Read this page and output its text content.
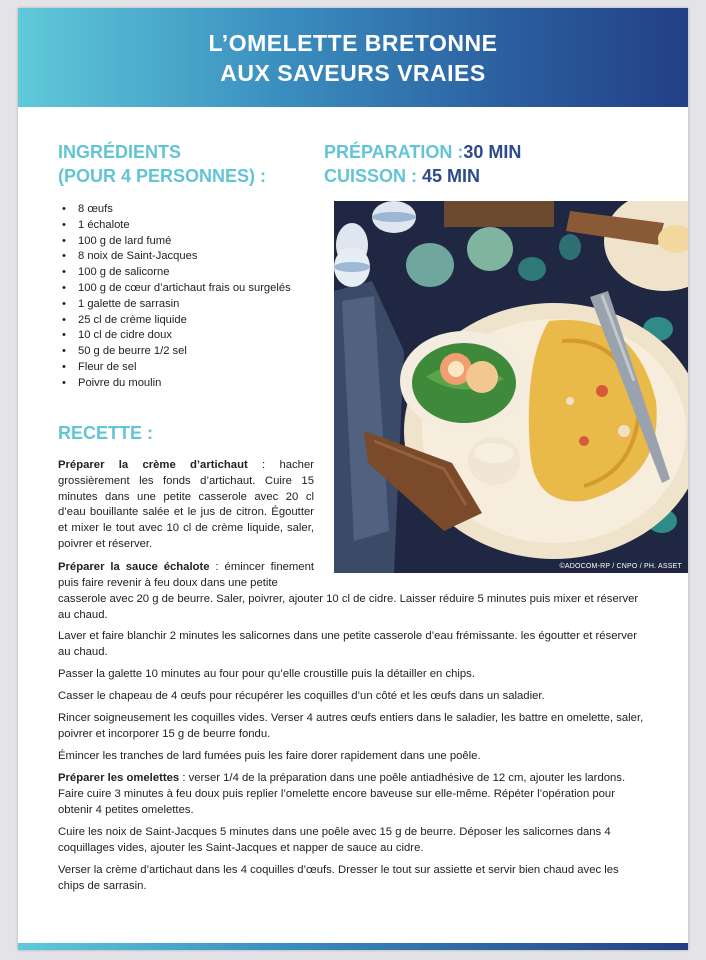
L’OMELETTE BRETONNE
AUX SAVEURS VRAIES
INGRÉDIENTS
(POUR 4 PERSONNES) :
PRÉPARATION :30 MIN
CUISSON : 45 MIN
• 8 œufs
• 1 échalote
• 100 g de lard fumé
• 8 noix de Saint-Jacques
• 100 g de salicorne
• 100 g de cœur d’artichaut frais ou surgelés
• 1 galette de sarrasin
• 25 cl de crème liquide
• 10 cl de cidre doux
• 50 g de beurre 1/2 sel
• Fleur de sel
• Poivre du moulin
RECETTE :
©ADOCOM-RP / CNPO / PH. ASSET

Préparer la crème d’artichaut : hacher grossièrement les fonds d’artichaut. Cuire 15 minutes dans une petite casserole avec 20 cl d’eau bouillante salée et le jus de citron. Égoutter et mixer le tout avec 10 cl de crème liquide, saler, poivrer et réserver.

Préparer la sauce échalote : émincer finement puis faire revenir à feu doux dans une petite

casserole avec 20 g de beurre. Saler, poivrer, ajouter 10 cl de cidre. Laisser réduire 5 minutes puis mixer et réserver au chaud.

Laver et faire blanchir 2 minutes les salicornes dans une petite casserole d’eau frémissante. les égoutter et réserver au chaud.

Passer la galette 10 minutes au four pour qu’elle croustille puis la détailler en chips.

Casser le chapeau de 4 œufs pour récupérer les coquilles d’un côté et les œufs dans un saladier.

Rincer soigneusement les coquilles vides. Verser 4 autres œufs entiers dans le saladier, les battre en omelette, saler, poivrer et incorporer 15 g de beurre fondu.

Émincer les tranches de lard fumées puis les faire dorer rapidement dans une poêle.

Préparer les omelettes : verser 1/4 de la préparation dans une poêle antiadhésive de 12 cm, ajouter les lardons. Faire cuire 3 minutes à feu doux puis replier l’omelette encore baveuse sur elle-même. Répéter l’opération pour obtenir 4 petites omelettes.

Cuire les noix de Saint-Jacques 5 minutes dans une poêle avec 15 g de beurre. Déposer les salicornes dans 4 coquillages vides, ajouter les Saint-Jacques et napper de sauce au cidre.

Verser la crème d’artichaut dans les 4 coquilles d’œufs. Dresser le tout sur assiette et servir bien chaud avec les chips de sarrasin.
